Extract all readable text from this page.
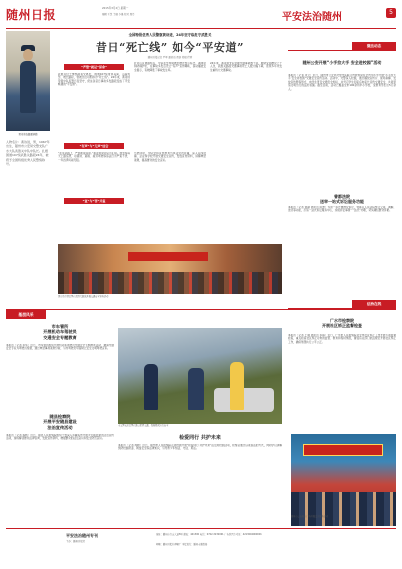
随州日报	2015年3月2日 星期一
编辑 王慧 美编 李锋 校对 周丹	平安法治随州	5
黄诗进在路面执勤
人物名片：黄诗进，男，1967年出生，随州市公安局交警支队广水大队武胜关中队中队长。扎根国道107线武胜关路段24年，被授予全国特级优秀人民警察称号。
全国特级优秀人民警察黄诗进，24年坚守临危守武胜关
昔日“死亡线” 如今“平安道”
随州日报记者 严军 通讯员 黄浩 邓斌 程君
“严管”就是“保命”

武胜关位于豫鄂两省交界处，国道107线贯穿其间，山高弯急、坡长路险，曾被过往司机称为“死亡线”。24年来，黄诗进带领中队民警日夜坚守，使这条昔日事故多发路段变成了平安畅通的“平安道”。

“有声”与“无声”结合

“在这条路上，严管就是保命。”黄诗进常对队员们说。他坚持每天上路巡逻，对超速、超载、疲劳驾驶等违法行为严查不贷，一年四季风雨无阻。

“宣”与“罚”并重

针对山区道路特点，中队在急弯陡坡处增设警示标志、减速带和防撞护栏，在事故多发点设立“有声”宣传喇叭，滚动播放安全提示，有效降低了事故发生率。

与此同时，中队坚持宣传教育与执法处罚并重，深入沿线村镇、企业和学校开展交通安全宣传，发放宣传资料，讲解典型案例，提高群众的安全意识。

24年来，黄诗进先后处理交通事故数千起，救助受困群众上千人次，武胜关路段交通事故死亡人数大幅下降，连续多年未发生重特大交通事故。

黄诗进带领民警在武胜关路段开展交通安全宣传活动
微法动态
随州公安开展“小手拉大手 安全进校园”活动

本报讯（记者 张立）近日，随州市公安局交警支队联合市教育局在全市中小学开展“小手拉大手 安全进校园”交通安全宣传活动。活动中，交警深入校园，通过播放宣传片、现场讲解、发放宣传册等形式，向学生普及交通安全知识，并号召学生回家后向家长宣传交通安全，共同营造文明出行的良好氛围。截至目前，活动已覆盖全市100余所中小学校，受教育学生达5万余人。

曾都法院
送审一站式诉讼服务功能

本报讯（记者 刘敏 通讯员 陈勇）为进一步方便群众诉讼，曾都区人民法院整合立案、调解、送达等功能，打造一站式诉讼服务中心，实现诉讼事项“一站式”办理，切实减轻群众诉累。

法治在线
广水市检察院
开展社区矫正监督检查

本报讯（记者 王刚 通讯员 李娟）近日，广水市人民检察院对全市社区矫正工作开展专项监督检查，重点检查社区矫正对象的监管、教育和帮扶情况，督促有关部门依法规范开展社区矫正工作，确保刑罚执行公平公正。

随州市公安局在广场开展法治宣传活动
基层风采
市车管所
开展机动车驾驶员
交通安全专题教育

本报讯（记者 李华）近日，市车管所组织开展机动车驾驶员交通安全专题教育活动，邀请交通安全专家为驾驶员授课，通过典型事故案例分析，引导驾驶员牢固树立安全文明驾驶意识。

随县检察院
开展平安随县建设
法治宣传活动

本报讯（记者 杨帆）近日，随县人民检察院组织干警深入乡镇集市开展平安随县建设法治宣传活动，现场解答群众法律咨询，发放宣传资料，增强群众的法治意识和安全防范意识。

市交警支队民警在路口指挥交通，保障群众出行安全
检爱同行 共护未来

本报讯（记者 周晓）近日，随州市人民检察院走进校园开展“检爱同行 共护未来”法治进校园活动，检察官通过以案说法的方式，向同学们讲解预防校园欺凌、网络安全等法律知识，引导青少年知法、守法、用法。

平安法治随州专刊
主办：随州日报社
地址：随州市白云大道8号 邮编：441300 电话：0722-3232001 广告经营许可证：4213004000001
印刷：随州日报社印刷厂 本报发行：随州市邮政局
